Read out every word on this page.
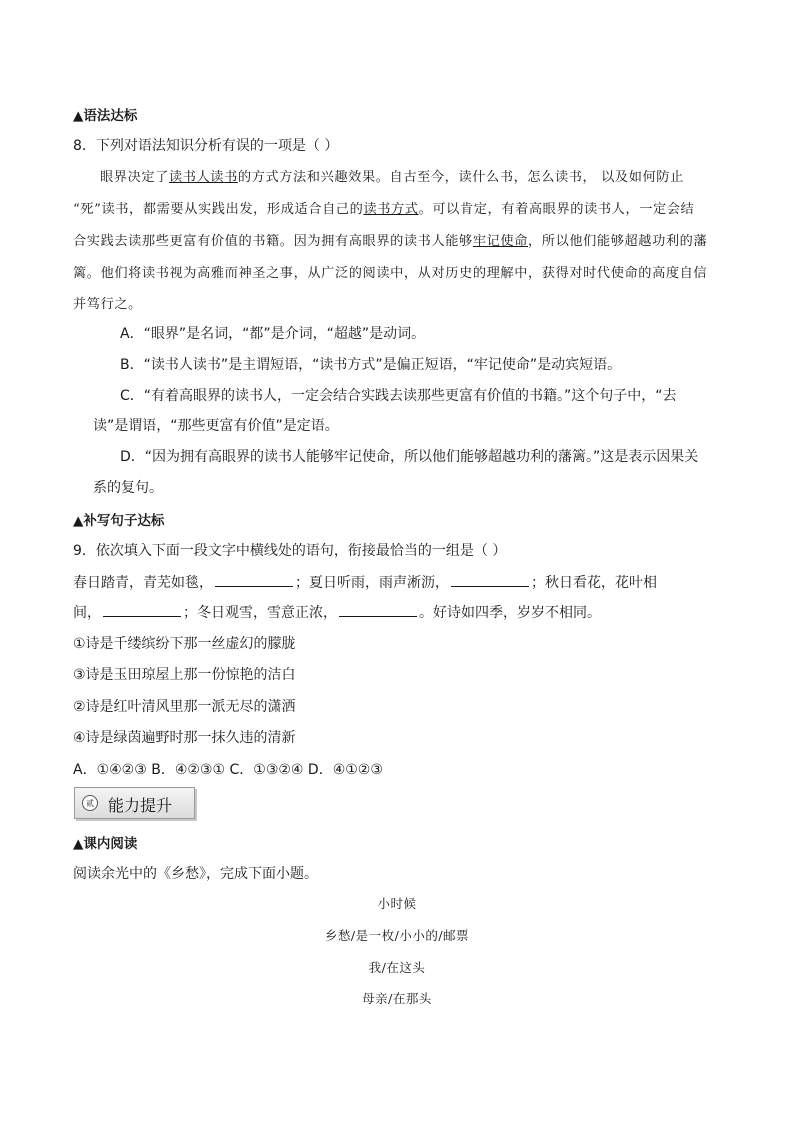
▲语法达标
8．下列对语法知识分析有误的一项是（ ）
眼界决定了读书人读书的方式方法和兴趣效果。自古至今，读什么书，怎么读书， 以及如何防止
“死”读书，都需要从实践出发，形成适合自己的读书方式。可以肯定，有着高眼界的读书人，一定会结
合实践去读那些更富有价值的书籍。因为拥有高眼界的读书人能够牢记使命，所以他们能够超越功利的藩
篱。他们将读书视为高雅而神圣之事，从广泛的阅读中，从对历史的理解中，获得对时代使命的高度自信
并笃行之。
A．“眼界”是名词，“都”是介词，“超越”是动词。
B．“读书人读书”是主谓短语，“读书方式”是偏正短语，“牢记使命”是动宾短语。
C．“有着高眼界的读书人，一定会结合实践去读那些更富有价值的书籍。”这个句子中，“去
读”是谓语，“那些更富有价值”是定语。
D．“因为拥有高眼界的读书人能够牢记使命，所以他们能够超越功利的藩篱。”这是表示因果关
系的复句。
▲补写句子达标
9．依次填入下面一段文字中横线处的语句，衔接最恰当的一组是（ ）
春日踏青，青芜如毯，	；夏日听雨，雨声淅沥，	；秋日看花，花叶相
间，	；冬日观雪，雪意正浓，	。好诗如四季，岁岁不相同。
①诗是千缕缤纷下那一丝虚幻的朦胧
③诗是玉田琼屋上那一份惊艳的洁白
②诗是红叶清风里那一派无尽的潇洒
④诗是绿茵遍野时那一抹久违的清新
A．①④②③ B．④②③① C．①③②④ D．④①②③
贰 能力提升
▲课内阅读
阅读余光中的《乡愁》，完成下面小题。
小时候
乡愁/是一枚/小小的/邮票
我/在这头
母亲/在那头
